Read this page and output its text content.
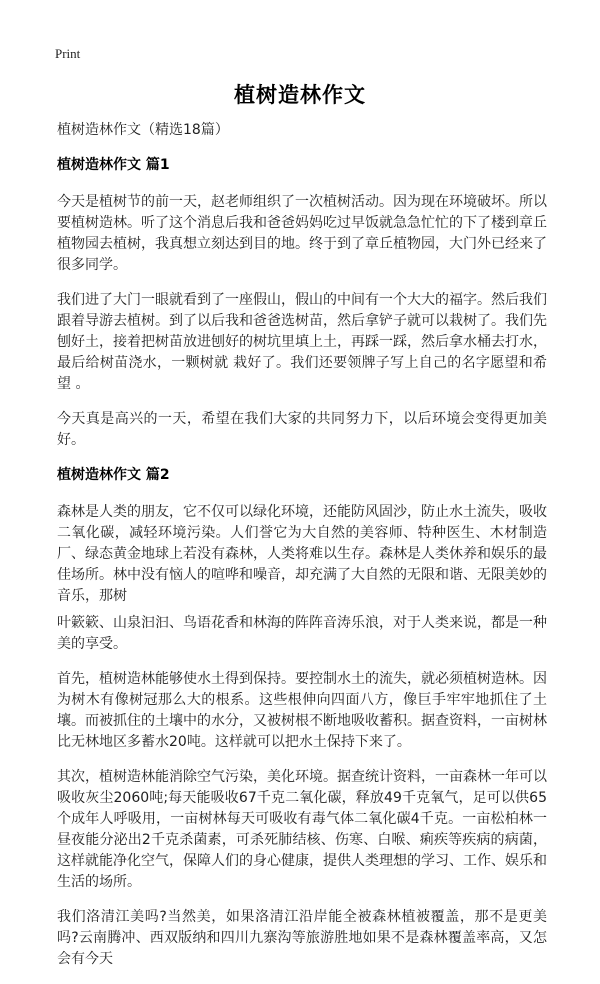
Print
植树造林作文

植树造林作文（精选18篇）

植树造林作文 篇1

今天是植树节的前一天，赵老师组织了一次植树活动。因为现在环境破坏。所以要植树造林。听了这个消息后我和爸爸妈妈吃过早饭就急急忙忙的下了楼到章丘植物园去植树，我真想立刻达到目的地。终于到了章丘植物园，大门外已经来了很多同学。

我们进了大门一眼就看到了一座假山，假山的中间有一个大大的福字。然后我们跟着导游去植树。到了以后我和爸爸选树苗，然后拿铲子就可以栽树了。我们先刨好土，接着把树苗放进刨好的树坑里填上土，再踩一踩，然后拿水桶去打水，最后给树苗浇水，一颗树就 栽好了。我们还要领牌子写上自己的名字愿望和希望 。

今天真是高兴的一天，希望在我们大家的共同努力下，以后环境会变得更加美好。

植树造林作文 篇2

森林是人类的朋友，它不仅可以绿化环境，还能防风固沙，防止水土流失，吸收二氧化碳，减轻环境污染。人们誉它为大自然的美容师、特种医生、木材制造厂、绿态黄金地球上若没有森林，人类将难以生存。森林是人类休养和娱乐的最佳场所。林中没有恼人的喧哗和噪音，却充满了大自然的无限和谐、无限美妙的音乐，那树

叶簌簌、山泉汩汩、鸟语花香和林海的阵阵音涛乐浪，对于人类来说，都是一种美的享受。

首先，植树造林能够使水土得到保持。要控制水土的流失，就必须植树造林。因为树木有像树冠那么大的根系。这些根伸向四面八方，像巨手牢牢地抓住了土壤。而被抓住的土壤中的水分，又被树根不断地吸收蓄积。据查资料，一亩树林比无林地区多蓄水20吨。这样就可以把水土保持下来了。

其次，植树造林能消除空气污染，美化环境。据查统计资料，一亩森林一年可以吸收灰尘2060吨;每天能吸收67千克二氧化碳，释放49千克氧气，足可以供65个成年人呼吸用，一亩树林每天可吸收有毒气体二氧化碳4千克。一亩松柏林一昼夜能分泌出2千克杀菌素，可杀死肺结核、伤寒、白喉、痢疾等疾病的病菌，这样就能净化空气，保障人们的身心健康，提供人类理想的学习、工作、娱乐和生活的场所。

我们洛清江美吗?当然美，如果洛清江沿岸能全被森林植被覆盖，那不是更美吗?云南腾冲、西双版纳和四川九寨沟等旅游胜地如果不是森林覆盖率高，又怎会有今天
